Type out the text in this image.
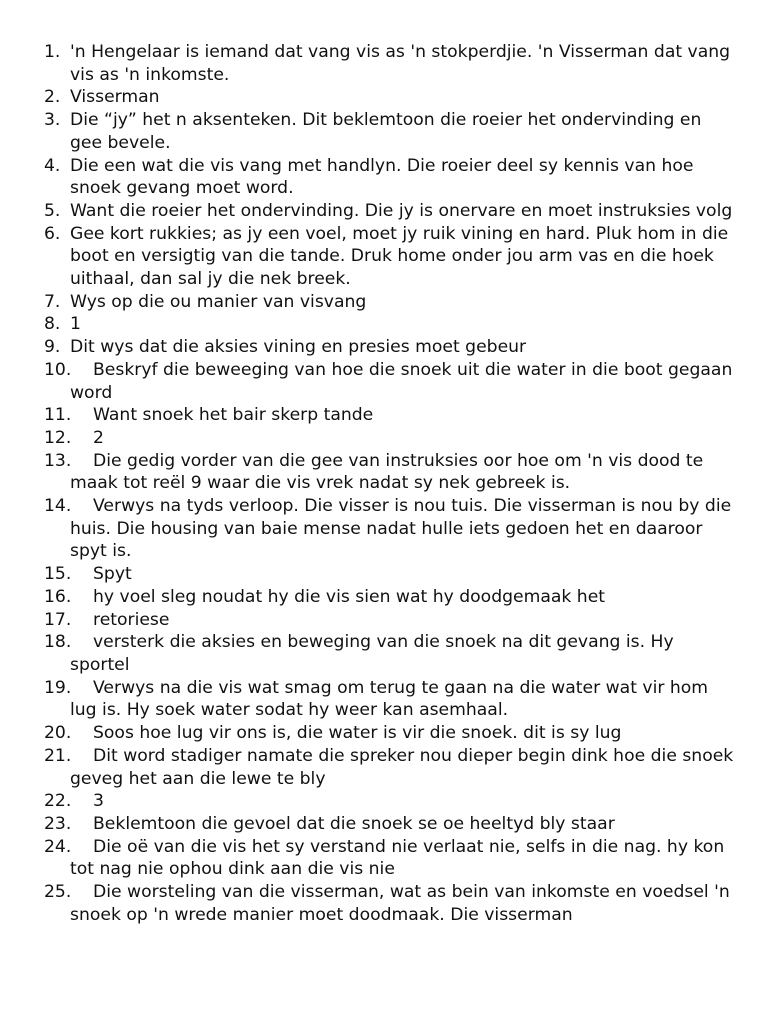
1. 'n Hengelaar is iemand dat vang vis as 'n stokperdjie. 'n Visserman dat vang vis as 'n inkomste.
2. Visserman
3. Die “jy” het n aksenteken. Dit beklemtoon die roeier het ondervinding en gee bevele.
4. Die een wat die vis vang met handlyn. Die roeier deel sy kennis van hoe snoek gevang moet word.
5. Want die roeier het ondervinding. Die jy is onervare en moet instruksies volg
6. Gee kort rukkies; as jy een voel, moet jy ruik vining en hard. Pluk hom in die boot en versigtig van die tande. Druk home onder jou arm vas en die hoek uithaal, dan sal jy die nek breek.
7. Wys op die ou manier van visvang
8. 1
9. Dit wys dat die aksies vining en presies moet gebeur
10.	Beskryf die beweeging van hoe die snoek uit die water in die boot gegaan word
11.	Want snoek het bair skerp tande
12.	2
13.	Die gedig vorder van die gee van instruksies oor hoe om 'n vis dood te maak tot reël 9 waar die vis vrek nadat sy nek gebreek is.
14.	Verwys na tyds verloop. Die visser is nou tuis. Die visserman is nou by die huis. Die housing van baie mense nadat hulle iets gedoen het en daaroor spyt is.
15.	Spyt
16.	hy voel sleg noudat hy die vis sien wat hy doodgemaak het
17.	retoriese
18.	versterk die aksies en beweging van die snoek na dit gevang is. Hy sportel
19.	Verwys na die vis wat smag om terug te gaan na die water wat vir hom lug is. Hy soek water sodat hy weer kan asemhaal.
20.	Soos hoe lug vir ons is, die water is vir die snoek. dit is sy lug
21.	Dit word stadiger namate die spreker nou dieper begin dink hoe die snoek geveg het aan die lewe te bly
22.	3
23.	Beklemtoon die gevoel dat die snoek se oe heeltyd bly staar
24.	Die oë van die vis het sy verstand nie verlaat nie, selfs in die nag. hy kon tot nag nie ophou dink aan die vis nie
25.	Die worsteling van die visserman, wat as bein van inkomste en voedsel 'n snoek op 'n wrede manier moet doodmaak. Die visserman
